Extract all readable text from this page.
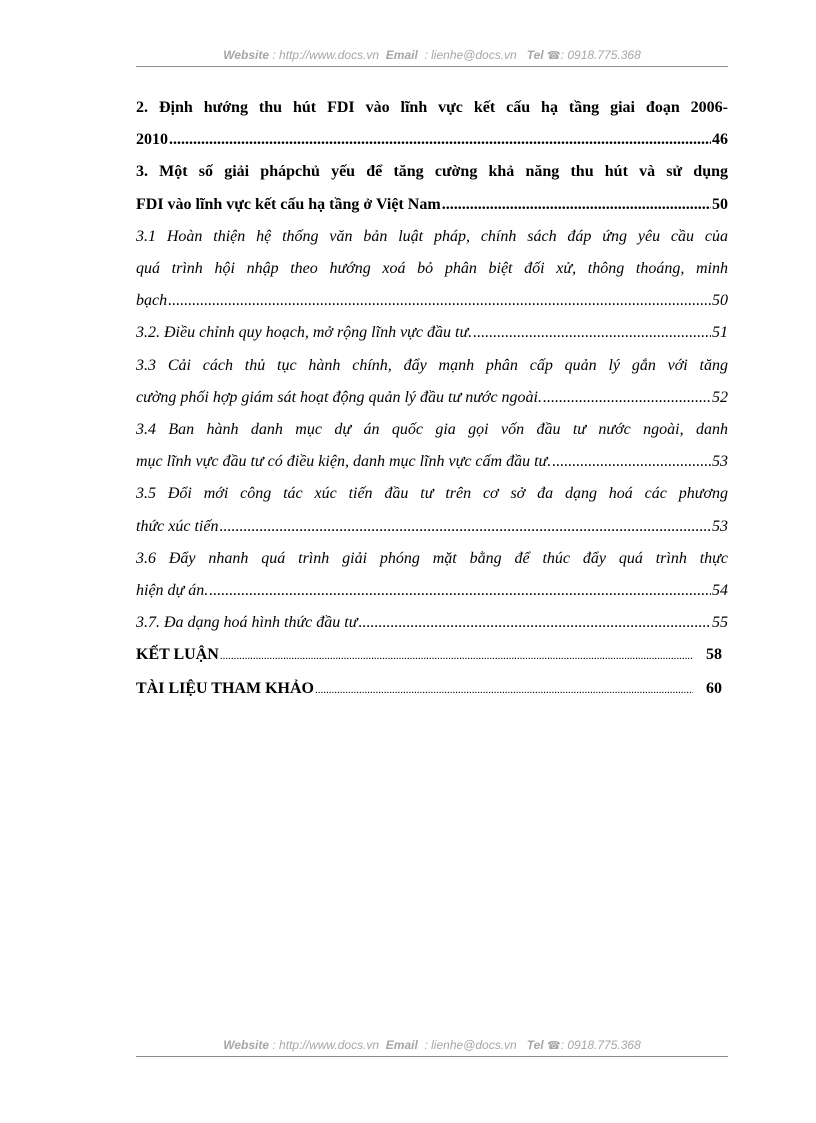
Website : http://www.docs.vn Email : lienhe@docs.vn Tel ☎: 0918.775.368
2. Định hướng thu hút FDI vào lĩnh vực kết cấu hạ tầng giai đoạn 2006-
2010 .....	46
3. Một số giải phápchủ yếu để tăng cường khả năng thu hút và sử dụng
FDI vào lĩnh vực kết cấu hạ tầng ở Việt Nam .....	50
3.1 Hoàn thiện hệ thống văn bản luật pháp, chính sách đáp ứng yêu cầu của
quá trình hội nhập theo hướng xoá bỏ phân biệt đối xử, thông thoáng, minh
bạch .....	50
3.2. Điều chỉnh quy hoạch, mở rộng lĩnh vực đầu tư. .....	51
3.3 Cải cách thủ tục hành chính, đẩy mạnh phân cấp quản lý gắn với tăng
cường phối hợp giám sát hoạt động quản lý đầu tư nước ngoài. .....	52
3.4 Ban hành danh mục dự án quốc gia gọi vốn đầu tư nước ngoài, danh
mục lĩnh vực đầu tư có điều kiện, danh mục lĩnh vực cấm đầu tư. .....	53
3.5 Đổi mới công tác xúc tiến đầu tư trên cơ sở đa dạng hoá các phương
thức xúc tiến .....	53
3.6 Đẩy nhanh quá trình giải phóng mặt bằng để thúc đẩy quá trình thực
hiện dự án. .....	54
3.7. Đa dạng hoá hình thức đầu tư .....	55
KẾT LUẬN .....	58
TÀI LIỆU THAM KHẢO .....	60
Website : http://www.docs.vn Email : lienhe@docs.vn Tel ☎: 0918.775.368
